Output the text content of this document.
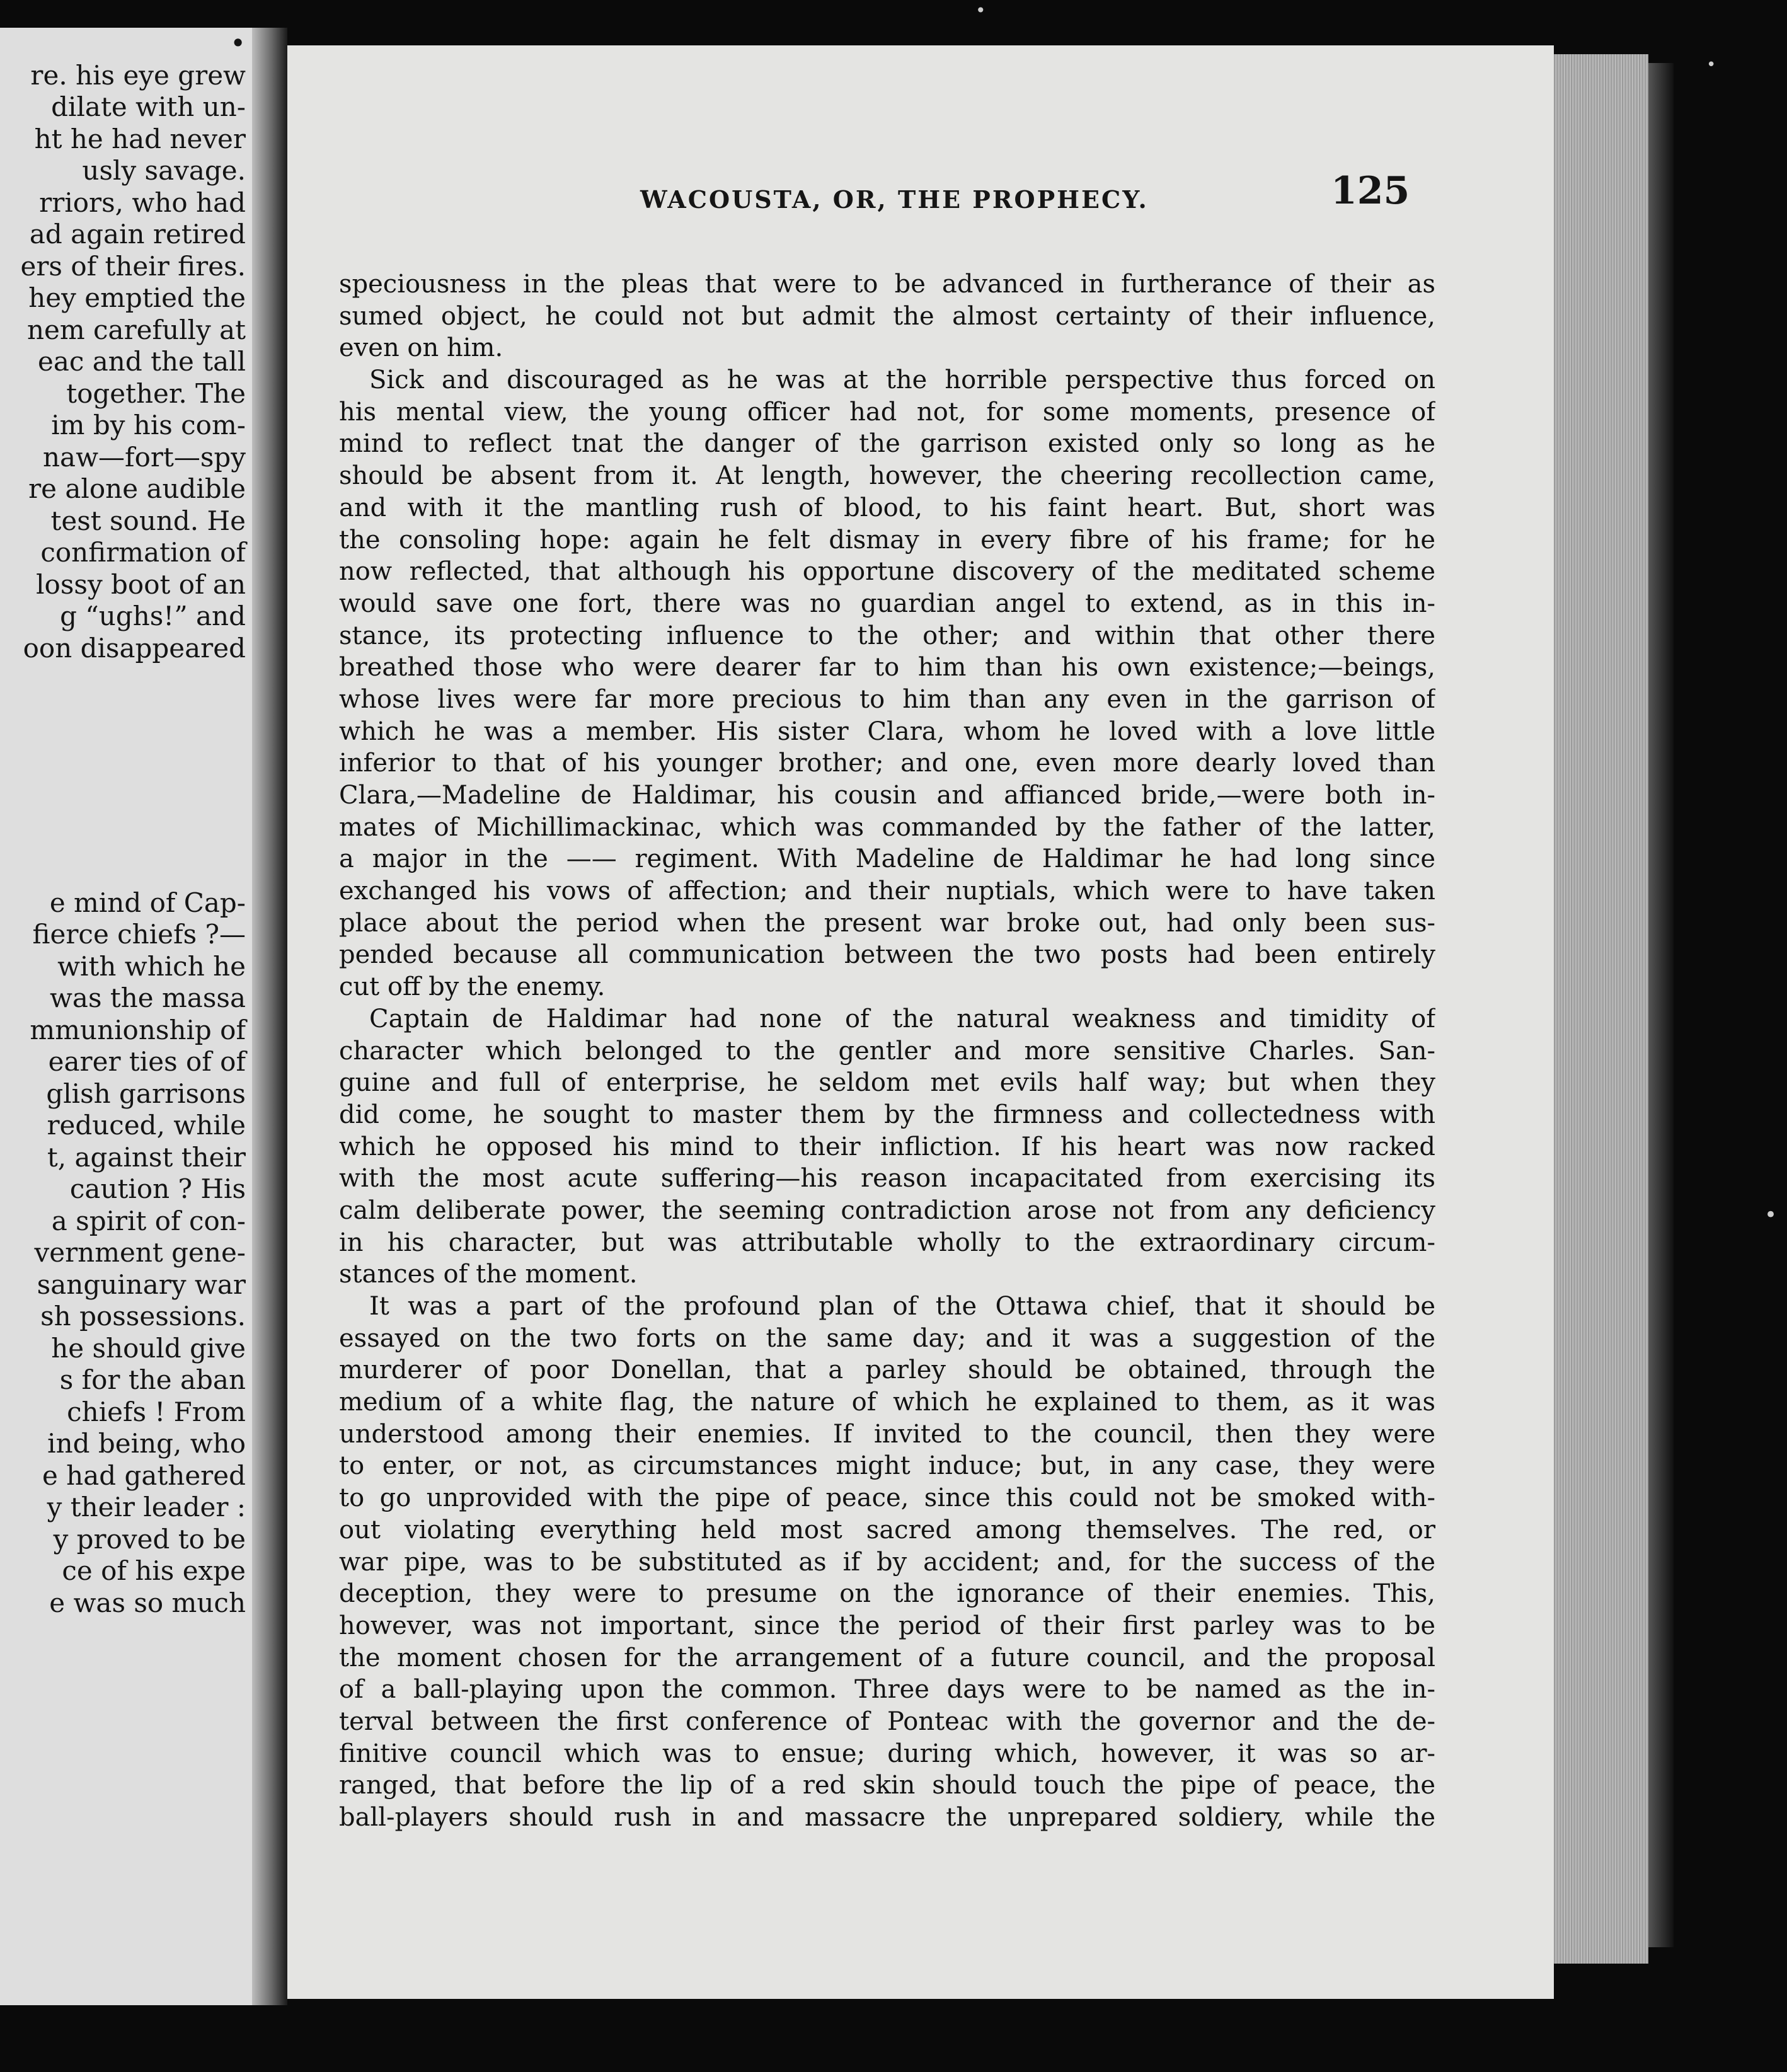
•
re. his eye grew
dilate with un-
ht he had never
usly savage.
rriors, who had
ad again retired
ers of their fires.
hey emptied the
nem carefully at
eac and the tall
together. The
im by his com-
naw—fort—spy
re alone audible
test sound. He
confirmation of
lossy boot of an
g “ughs!” and
oon disappeared
e mind of Cap-
fierce chiefs ?—
with which he
was the massa
mmunionship of
earer ties of of
glish garrisons
reduced, while
t, against their
caution ? His
a spirit of con-
vernment gene-
sanguinary war
sh possessions.
he should give
s for the aban
chiefs ! From
ind being, who
e had gathered
y their leader :
y proved to be
ce of his expe
e was so much
WACOUSTA, OR, THE PROPHECY.	125
speciousness in the pleas that were to be advanced in furtherance of their as
sumed object, he could not but admit the almost certainty of their influence,
even on him.
Sick and discouraged as he was at the horrible perspective thus forced on
his mental view, the young officer had not, for some moments, presence of
mind to reflect tnat the danger of the garrison existed only so long as he
should be absent from it. At length, however, the cheering recollection came,
and with it the mantling rush of blood, to his faint heart. But, short was
the consoling hope: again he felt dismay in every fibre of his frame; for he
now reflected, that although his opportune discovery of the meditated scheme
would save one fort, there was no guardian angel to extend, as in this in-
stance, its protecting influence to the other; and within that other there
breathed those who were dearer far to him than his own existence;—beings,
whose lives were far more precious to him than any even in the garrison of
which he was a member. His sister Clara, whom he loved with a love little
inferior to that of his younger brother; and one, even more dearly loved than
Clara,—Madeline de Haldimar, his cousin and affianced bride,—were both in-
mates of Michillimackinac, which was commanded by the father of the latter,
a major in the —— regiment. With Madeline de Haldimar he had long since
exchanged his vows of affection; and their nuptials, which were to have taken
place about the period when the present war broke out, had only been sus-
pended because all communication between the two posts had been entirely
cut off by the enemy.
Captain de Haldimar had none of the natural weakness and timidity of
character which belonged to the gentler and more sensitive Charles. San-
guine and full of enterprise, he seldom met evils half way; but when they
did come, he sought to master them by the firmness and collectedness with
which he opposed his mind to their infliction. If his heart was now racked
with the most acute suffering—his reason incapacitated from exercising its
calm deliberate power, the seeming contradiction arose not from any deficiency
in his character, but was attributable wholly to the extraordinary circum-
stances of the moment.
It was a part of the profound plan of the Ottawa chief, that it should be
essayed on the two forts on the same day; and it was a suggestion of the
murderer of poor Donellan, that a parley should be obtained, through the
medium of a white flag, the nature of which he explained to them, as it was
understood among their enemies. If invited to the council, then they were
to enter, or not, as circumstances might induce; but, in any case, they were
to go unprovided with the pipe of peace, since this could not be smoked with-
out violating everything held most sacred among themselves. The red, or
war pipe, was to be substituted as if by accident; and, for the success of the
deception, they were to presume on the ignorance of their enemies. This,
however, was not important, since the period of their first parley was to be
the moment chosen for the arrangement of a future council, and the proposal
of a ball-playing upon the common. Three days were to be named as the in-
terval between the first conference of Ponteac with the governor and the de-
finitive council which was to ensue; during which, however, it was so ar-
ranged, that before the lip of a red skin should touch the pipe of peace, the
ball-players should rush in and massacre the unprepared soldiery, while the
•
•
•
